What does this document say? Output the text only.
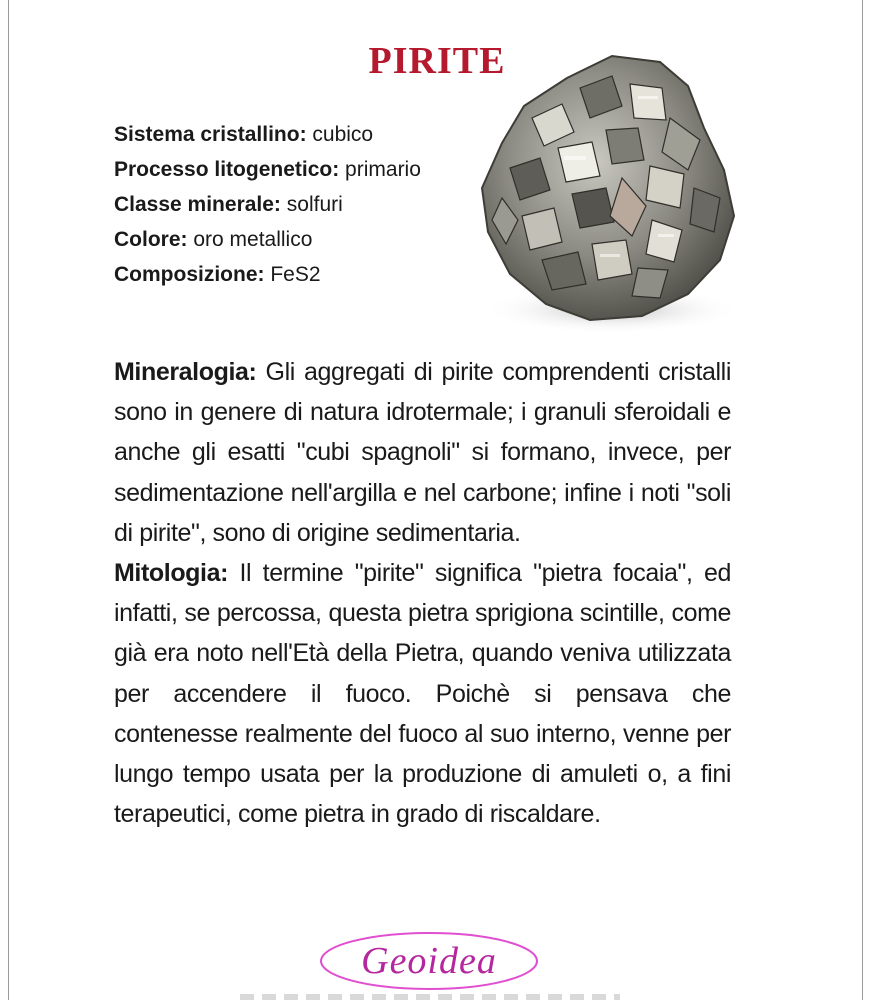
PIRITE
Sistema cristallino: cubico
Processo litogenetico: primario
Classe minerale: solfuri
Colore: oro metallico
Composizione: FeS2

Mineralogia: Gli aggregati di pirite comprendenti cristalli sono in genere di natura idrotermale; i granuli sferoidali e anche gli esatti "cubi spagnoli" si formano, invece, per sedimentazione nell'argilla e nel carbone; infine i noti "soli di pirite", sono di origine sedimentaria.

Mitologia: Il termine "pirite" significa "pietra focaia", ed infatti, se percossa, questa pietra sprigiona scintille, come già era noto nell'Età della Pietra, quando veniva utilizzata per accendere il fuoco. Poichè si pensava che contenesse realmente del fuoco al suo interno, venne per lungo tempo usata per la produzione di amuleti o, a fini terapeutici, come pietra in grado di riscaldare.

Geoidea
